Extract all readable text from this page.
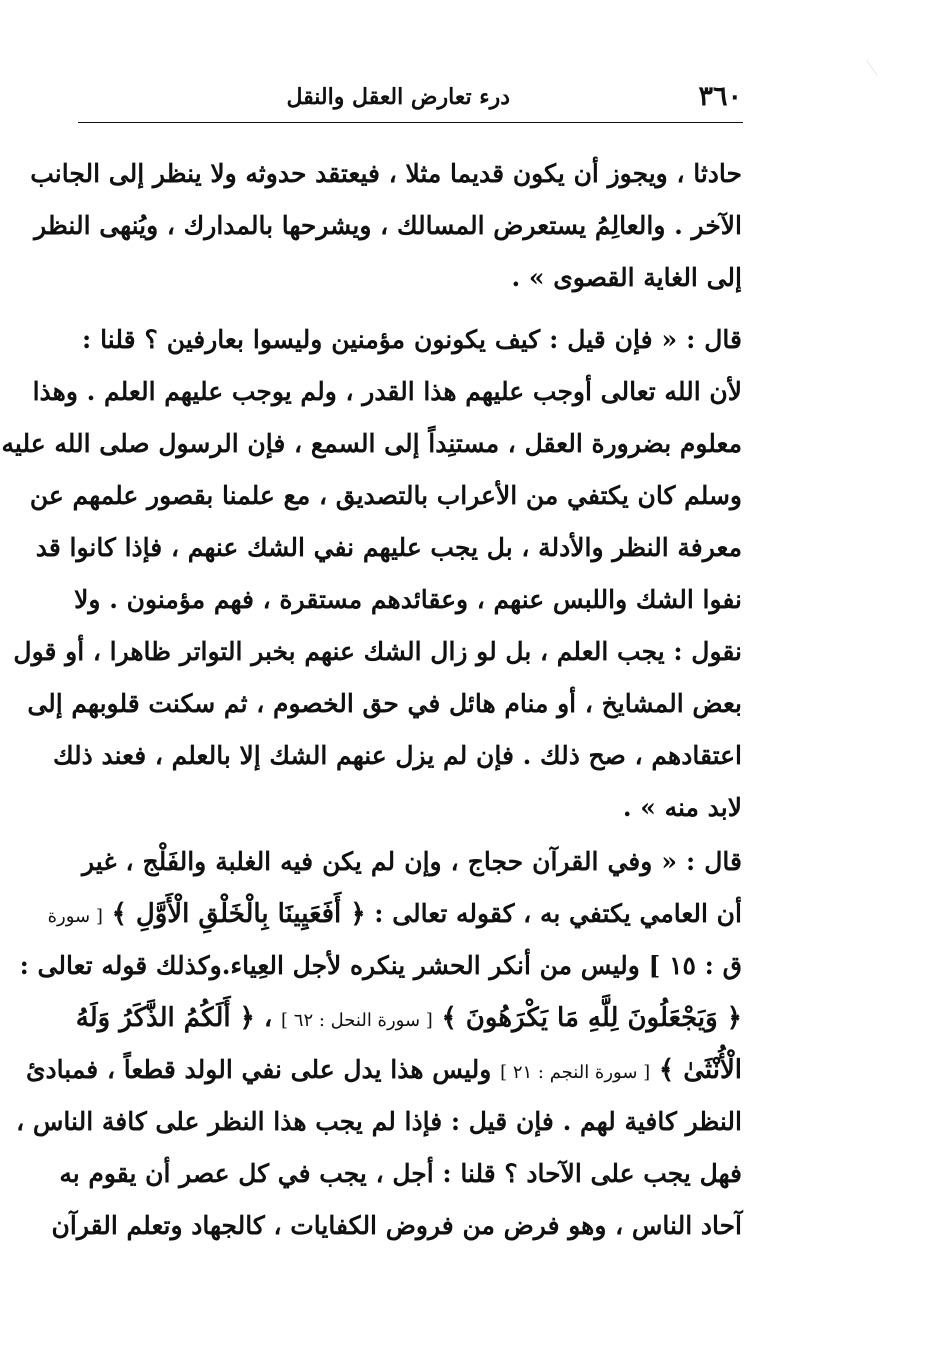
٣٦٠
درء تعارض العقل والنقل
حادثا ، ويجوز أن يكون قديما مثلا ، فيعتقد حدوثه ولا ينظر إلى الجانب
الآخر . والعالِمُ يستعرض المسالك ، ويشرحها بالمدارك ، ويُنهى النظر
إلى الغاية القصوى » .
قال : « فإن قيل : كيف يكونون مؤمنين وليسوا بعارفين ؟ قلنا :
لأن الله تعالى أوجب عليهم هذا القدر ، ولم يوجب عليهم العلم . وهذا
معلوم بضرورة العقل ، مستنِداً إلى السمع ، فإن الرسول صلى الله عليه
وسلم كان يكتفي من الأعراب بالتصديق ، مع علمنا بقصور علمهم عن
معرفة النظر والأدلة ، بل يجب عليهم نفي الشك عنهم ، فإذا كانوا قد
نفوا الشك واللبس عنهم ، وعقائدهم مستقرة ، فهم مؤمنون . ولا
نقول : يجب العلم ، بل لو زال الشك عنهم بخبر التواتر ظاهرا ، أو قول
بعض المشايخ ، أو منام هائل في حق الخصوم ، ثم سكنت قلوبهم إلى
اعتقادهم ، صح ذلك . فإن لم يزل عنهم الشك إلا بالعلم ، فعند ذلك
لابد منه » .
قال : « وفي القرآن حجاج ، وإن لم يكن فيه الغلبة والفَلْج ، غير
أن العامي يكتفي به ، كقوله تعالى : ﴿ أَفَعَيِينَا بِالْخَلْقِ الْأَوَّلِ ﴾ [ سورة
ق : ١٥ ] وليس من أنكر الحشر ينكره لأجل العِياء.وكذلك قوله تعالى :
﴿ وَيَجْعَلُونَ لِلَّهِ مَا يَكْرَهُونَ ﴾ [ سورة النحل : ٦٢ ] ، ﴿ أَلَكُمُ الذَّكَرُ وَلَهُ
الْأُنْثَىٰ ﴾ [ سورة النجم : ٢١ ] وليس هذا يدل على نفي الولد قطعاً ، فمبادئ
النظر كافية لهم . فإن قيل : فإذا لم يجب هذا النظر على كافة الناس ،
فهل يجب على الآحاد ؟ قلنا : أجل ، يجب في كل عصر أن يقوم به
آحاد الناس ، وهو فرض من فروض الكفايات ، كالجهاد وتعلم القرآن
